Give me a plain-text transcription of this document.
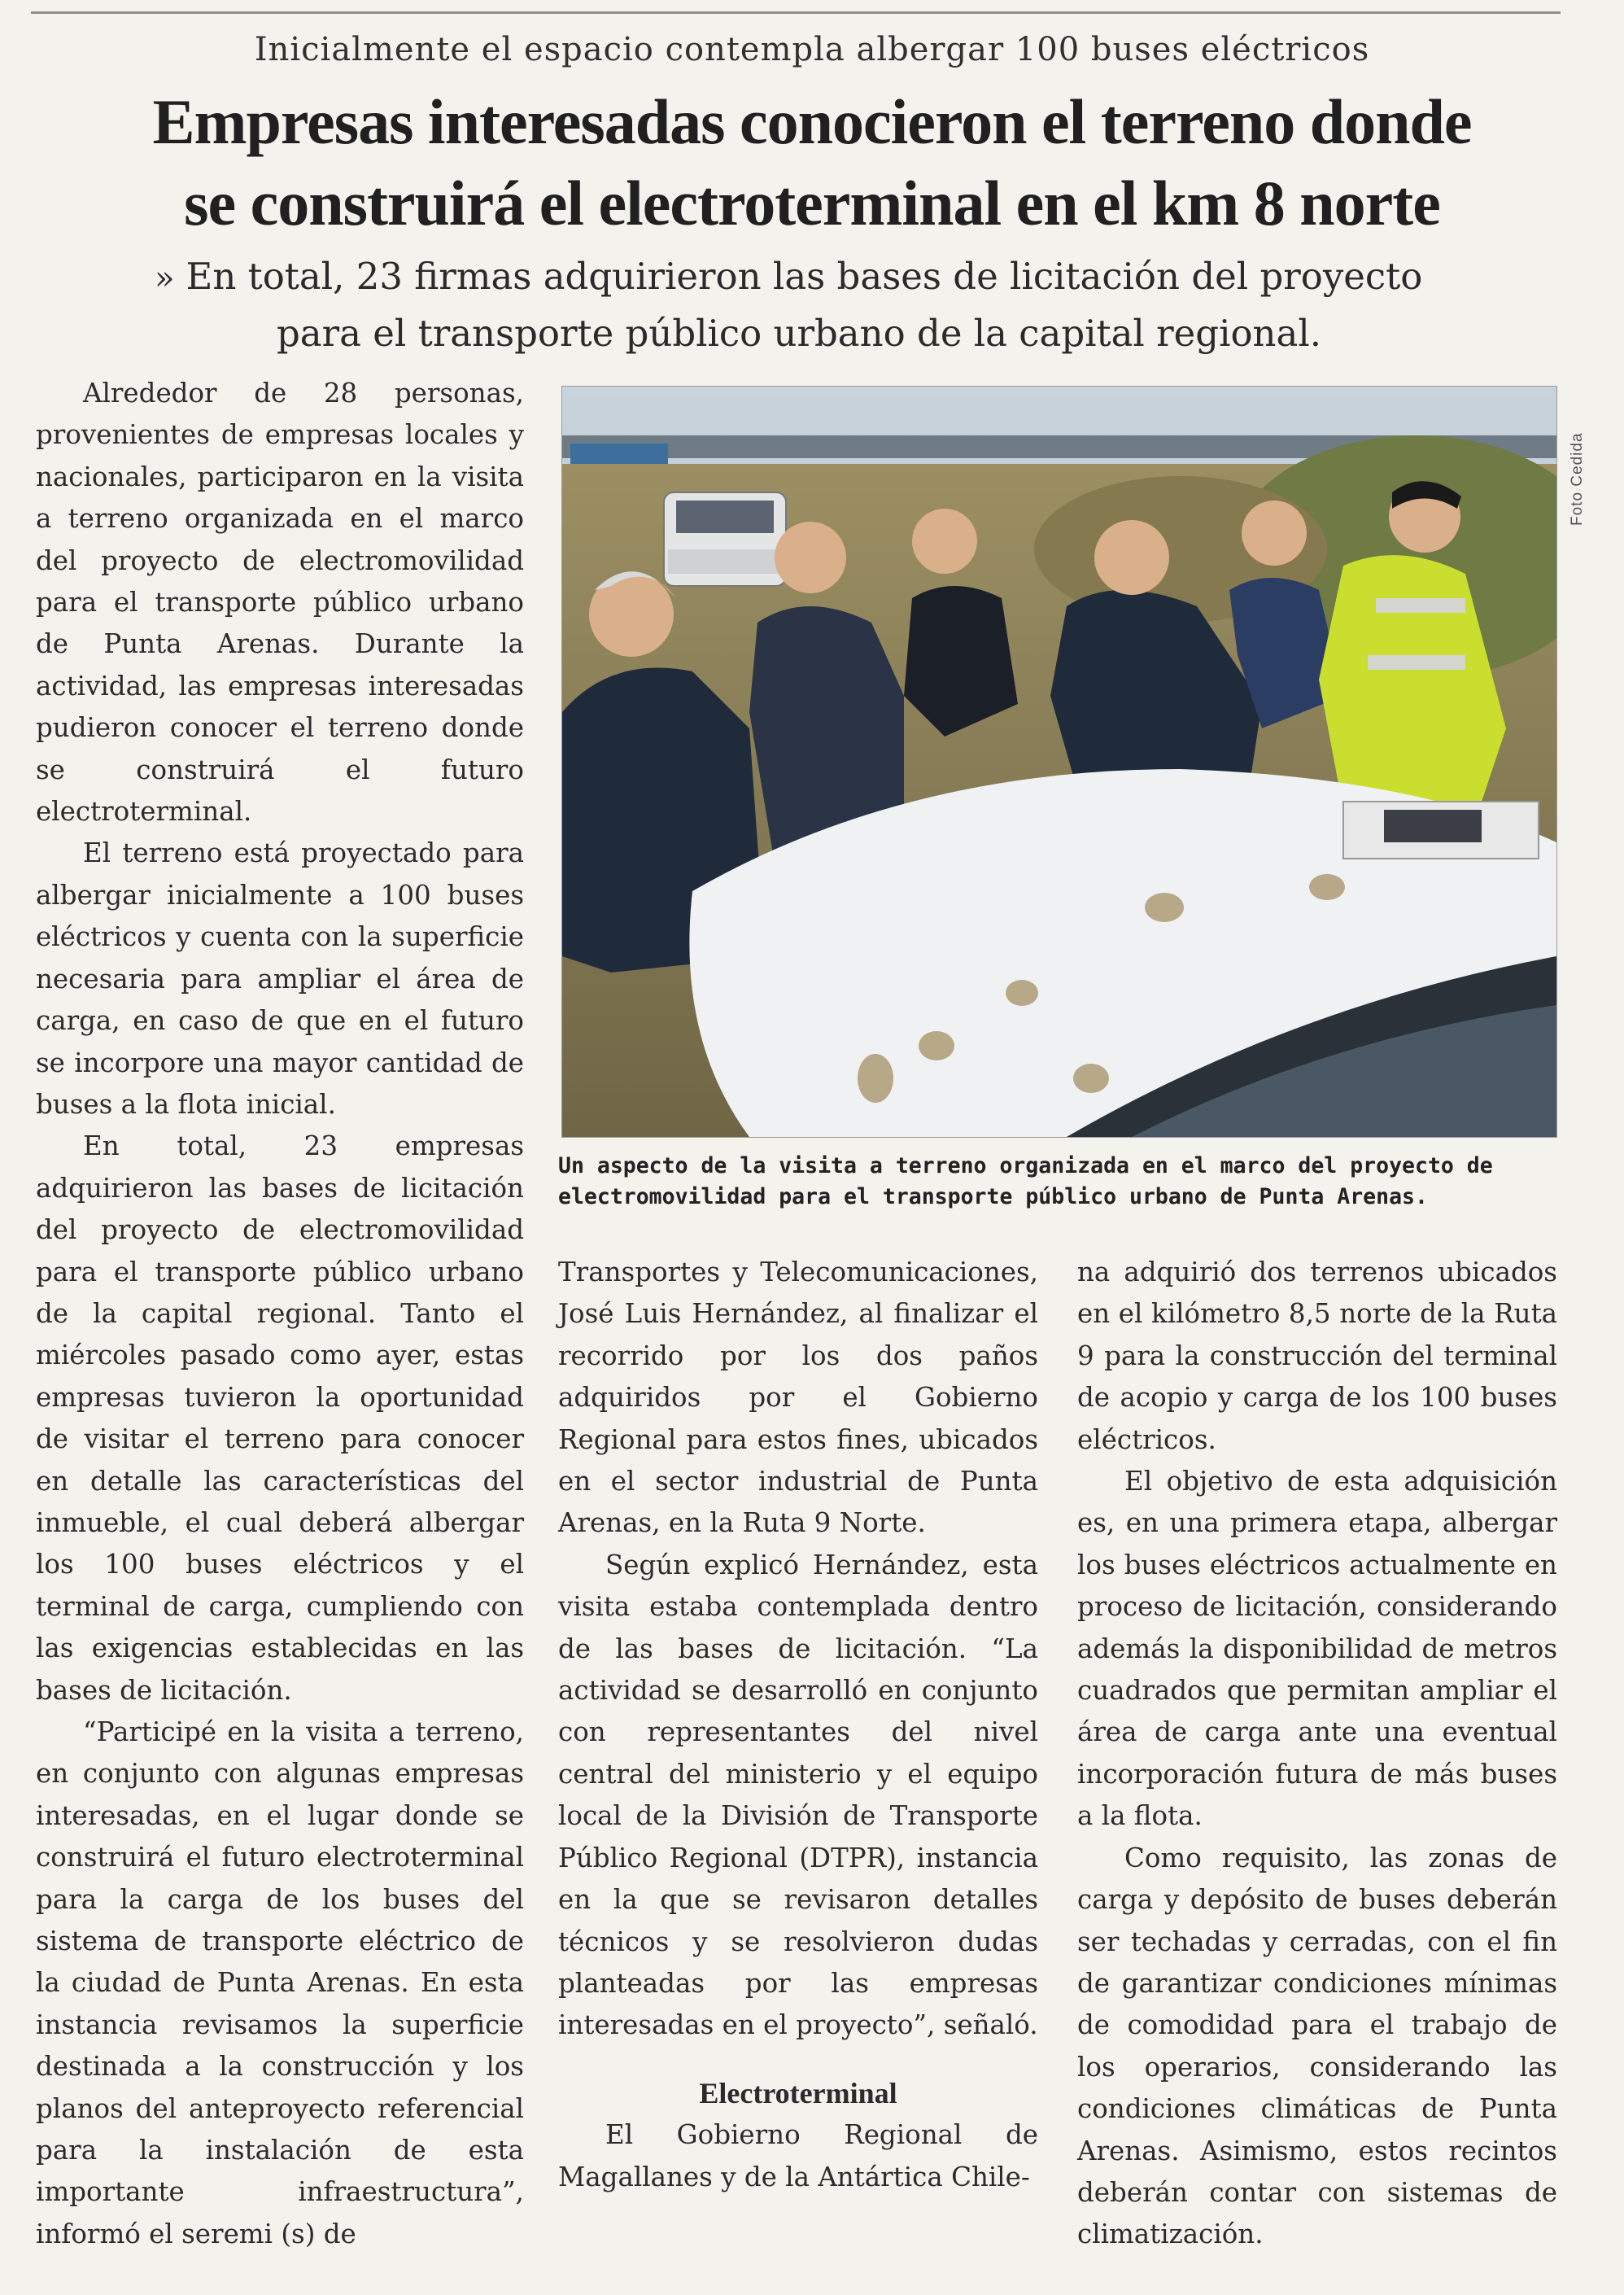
Inicialmente el espacio contempla albergar 100 buses eléctricos
Empresas interesadas conocieron el terreno donde
se construirá el electroterminal en el km 8 norte
» En total, 23 firmas adquirieron las bases de licitación del proyecto
para el transporte público urbano de la capital regional.

Alrededor de 28 personas, provenientes de empresas locales y nacionales, participaron en la visita a terreno organizada en el marco del proyecto de electromovilidad para el transporte público urbano de Punta Arenas. Durante la actividad, las empresas interesadas pudieron conocer el terreno donde se construirá el futuro electroterminal.

El terreno está proyectado para albergar inicialmente a 100 buses eléctricos y cuenta con la superficie necesaria para ampliar el área de carga, en caso de que en el futuro se incorpore una mayor cantidad de buses a la flota inicial.

En total, 23 empresas adquirieron las bases de licitación del proyecto de electromovilidad para el transporte público urbano de la capital regional. Tanto el miércoles pasado como ayer, estas empresas tuvieron la oportunidad de visitar el terreno para conocer en detalle las características del inmueble, el cual deberá albergar los 100 buses eléctricos y el terminal de carga, cumpliendo con las exigencias establecidas en las bases de licitación.

“Participé en la visita a terreno, en conjunto con algunas empresas interesadas, en el lugar donde se construirá el futuro electroterminal para la carga de los buses del sistema de transporte eléctrico de la ciudad de Punta Arenas. En esta instancia revisamos la superficie destinada a la construcción y los planos del anteproyecto referencial para la instalación de esta importante infraestructura”, informó el seremi (s) de

Foto Cedida
Un aspecto de la visita a terreno organizada en el marco del proyecto de electromovilidad para el transporte público urbano de Punta Arenas.

Transportes y Telecomunicaciones, José Luis Hernández, al finalizar el recorrido por los dos paños adquiridos por el Gobierno Regional para estos fines, ubicados en el sector industrial de Punta Arenas, en la Ruta 9 Norte.

Según explicó Hernández, esta visita estaba contemplada dentro de las bases de licitación. “La actividad se desarrolló en conjunto con representantes del nivel central del ministerio y el equipo local de la División de Transporte Público Regional (DTPR), instancia en la que se revisaron detalles técnicos y se resolvieron dudas planteadas por las empresas interesadas en el proyecto”, señaló.

Electroterminal

El Gobierno Regional de Magallanes y de la Antártica Chile-

na adquirió dos terrenos ubicados en el kilómetro 8,5 norte de la Ruta 9 para la construcción del terminal de acopio y carga de los 100 buses eléctricos.

El objetivo de esta adquisición es, en una primera etapa, albergar los buses eléctricos actualmente en proceso de licitación, considerando además la disponibilidad de metros cuadrados que permitan ampliar el área de carga ante una eventual incorporación futura de más buses a la flota.

Como requisito, las zonas de carga y depósito de buses deberán ser techadas y cerradas, con el fin de garantizar condiciones mínimas de comodidad para el trabajo de los operarios, considerando las condiciones climáticas de Punta Arenas. Asimismo, estos recintos deberán contar con sistemas de climatización.
